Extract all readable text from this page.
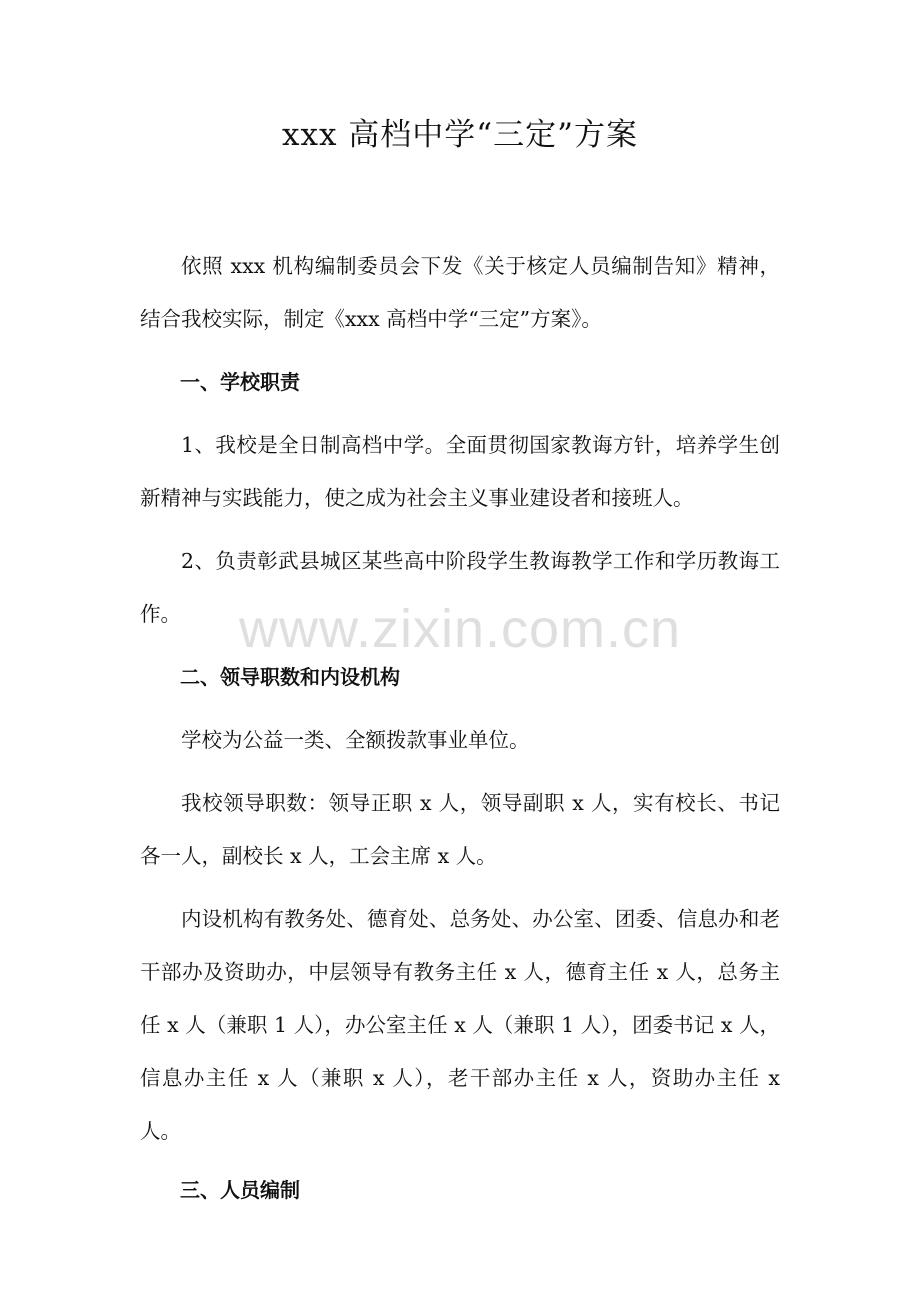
xxx 高档中学“三定”方案

依照 xxx 机构编制委员会下发《关于核定人员编制告知》精神，结合我校实际，制定《xxx 高档中学“三定”方案》。

一、学校职责

1、我校是全日制高档中学。全面贯彻国家教诲方针，培养学生创新精神与实践能力，使之成为社会主义事业建设者和接班人。

2、负责彰武县城区某些高中阶段学生教诲教学工作和学历教诲工作。

二、领导职数和内设机构

学校为公益一类、全额拨款事业单位。

我校领导职数：领导正职 x 人，领导副职 x 人，实有校长、书记各一人，副校长 x 人，工会主席 x 人。

内设机构有教务处、德育处、总务处、办公室、团委、信息办和老干部办及资助办，中层领导有教务主任 x 人，德育主任 x 人，总务主任 x 人（兼职 1 人），办公室主任 x 人（兼职 1 人），团委书记 x 人，信息办主任 x 人（兼职 x 人），老干部办主任 x 人，资助办主任 x 人。

三、人员编制

www.zixin.com.cn
